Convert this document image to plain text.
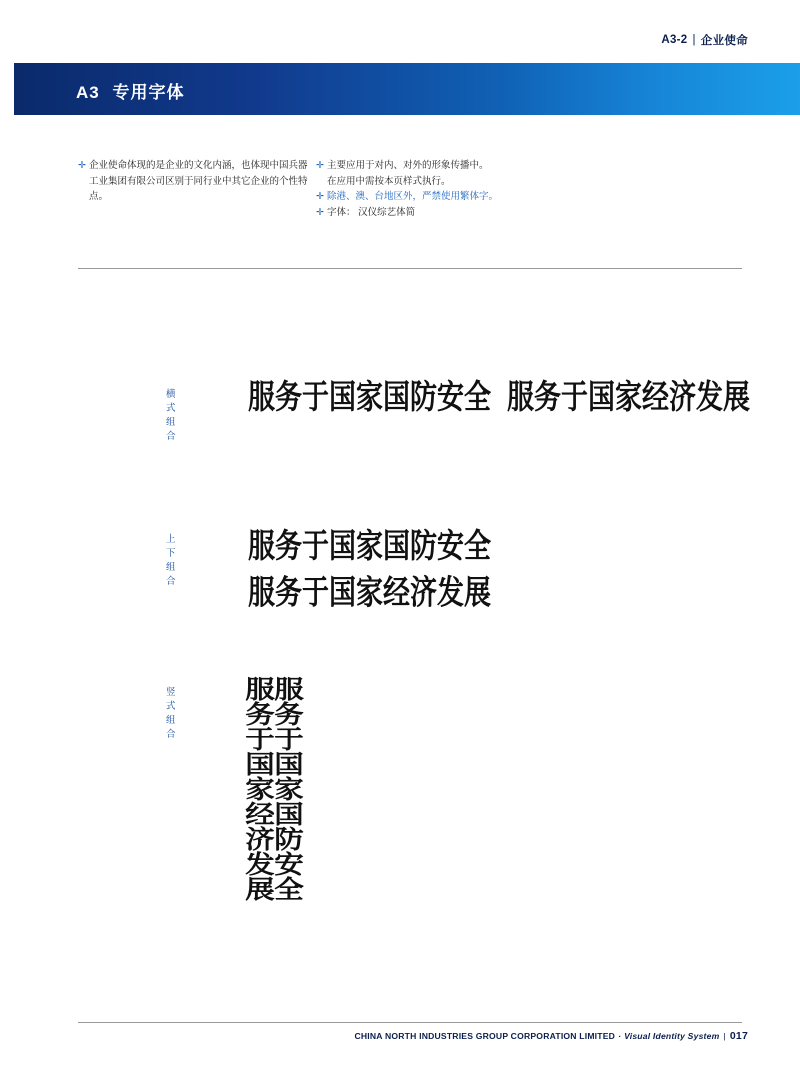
A3-2 | 企业使命
A3 专用字体
✛ 企业使命体现的是企业的文化内涵，也体现中国兵器工业集团有限公司区别于同行业中其它企业的个性特点。
✛ 主要应用于对内、对外的形象传播中。
在应用中需按本页样式执行。
✛ 除港、澳、台地区外，严禁使用繁体字。
✛ 字体： 汉仪综艺体简
横式组合
服务于国家国防安全 服务于国家经济发展
上下组合
服务于国家国防安全
服务于国家经济发展
竖式组合	服务于国家国防安全
服务于国家经济发展
CHINA NORTH INDUSTRIES GROUP CORPORATION LIMITED · Visual Identity System | 017
